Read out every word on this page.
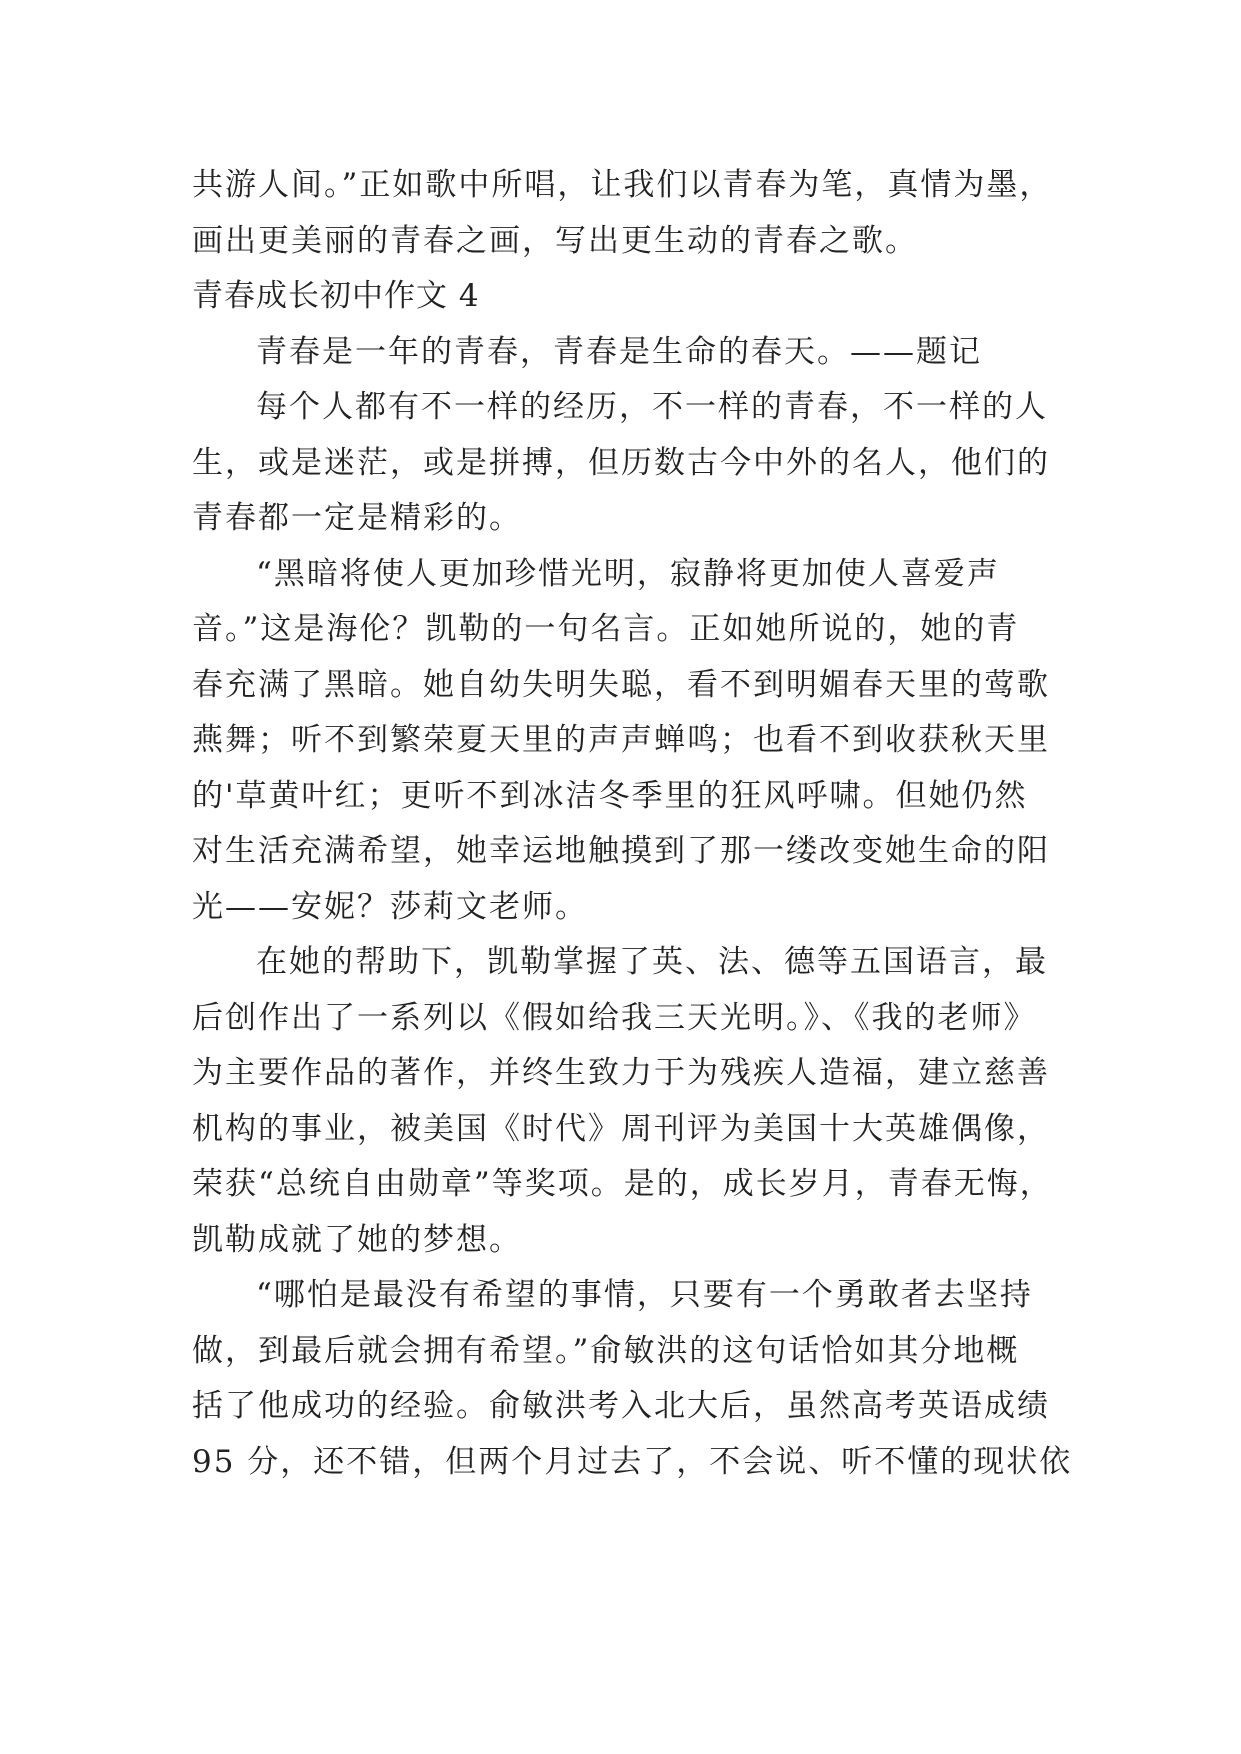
共游人间。”正如歌中所唱，让我们以青春为笔，真情为墨，
画出更美丽的青春之画，写出更生动的青春之歌。
青春成长初中作文 4
青春是一年的青春，青春是生命的春天。——题记
每个人都有不一样的经历，不一样的青春，不一样的人
生，或是迷茫，或是拼搏，但历数古今中外的名人，他们的
青春都一定是精彩的。
“黑暗将使人更加珍惜光明，寂静将更加使人喜爱声
音。”这是海伦？凯勒的一句名言。正如她所说的，她的青
春充满了黑暗。她自幼失明失聪，看不到明媚春天里的莺歌
燕舞；听不到繁荣夏天里的声声蝉鸣；也看不到收获秋天里
的'草黄叶红；更听不到冰洁冬季里的狂风呼啸。但她仍然
对生活充满希望，她幸运地触摸到了那一缕改变她生命的阳
光——安妮？莎莉文老师。
在她的帮助下，凯勒掌握了英、法、德等五国语言，最
后创作出了一系列以《假如给我三天光明。》、《我的老师》
为主要作品的著作，并终生致力于为残疾人造福，建立慈善
机构的事业，被美国《时代》周刊评为美国十大英雄偶像，
荣获“总统自由勋章”等奖项。是的，成长岁月，青春无悔，
凯勒成就了她的梦想。
“哪怕是最没有希望的事情，只要有一个勇敢者去坚持
做，到最后就会拥有希望。”俞敏洪的这句话恰如其分地概
括了他成功的经验。俞敏洪考入北大后，虽然高考英语成绩
95 分，还不错，但两个月过去了，不会说、听不懂的现状依
